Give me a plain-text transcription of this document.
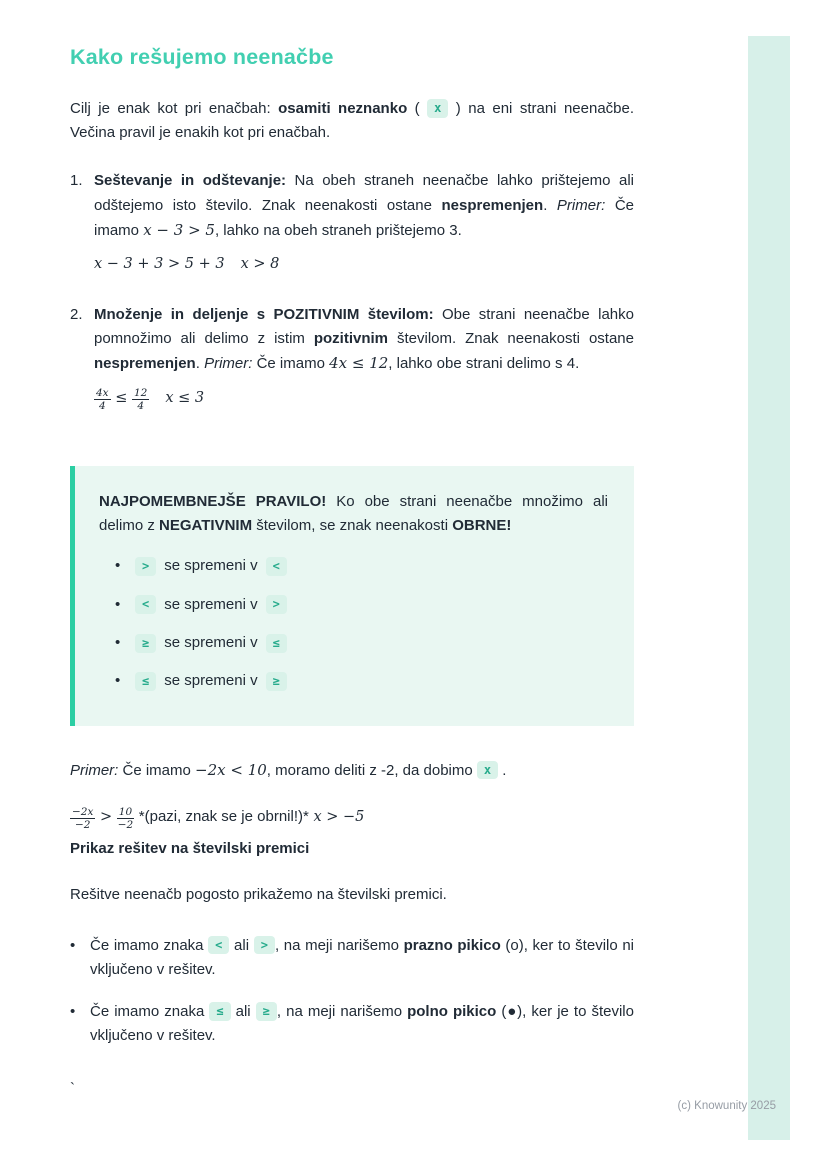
Kako rešujemo neenačbe

Cilj je enak kot pri enačbah: osamiti neznanko ( x ) na eni strani neenačbe. Večina pravil je enakih kot pri enačbah.

1. Seštevanje in odštevanje: Na obeh straneh neenačbe lahko prištejemo ali odštejemo isto število. Znak neenakosti ostane nespremenjen. Primer: Če imamo x − 3 > 5, lahko na obeh straneh prištejemo 3.
x − 3 + 3 > 5 + 3 x > 8
2. Množenje in deljenje s POZITIVNIM številom: Obe strani neenačbe lahko pomnožimo ali delimo z istim pozitivnim številom. Znak neenakosti ostane nespremenjen. Primer: Če imamo 4x ≤ 12, lahko obe strani delimo s 4.
$\frac{4x}{4} \le \frac{12}{4}$ x ≤ 3

NAJPOMEMBNEJŠE PRAVILO! Ko obe strani neenačbe množimo ali delimo z NEGATIVNIM številom, se znak neenakosti OBRNE!

•	>	se spremeni v	<
•	<	se spremeni v	>
•	≥	se spremeni v	≤
•	≤	se spremeni v	≥

Primer: Če imamo −2x < 10, moramo deliti z -2, da dobimo x .

$\frac{-2x}{-2} > \frac{10}{-2}$ *(pazi, znak se je obrnil!)* x > −5
Prikaz rešitev na številski premici

Rešitve neenačb pogosto prikažemo na številski premici.

• Če imamo znaka < ali > , na meji narišemo prazno pikico (o), ker to število ni vključeno v rešitev.
• Če imamo znaka ≤ ali ≥ , na meji narišemo polno pikico (●), ker je to število vključeno v rešitev.
`
(c) Knowunity 2025
